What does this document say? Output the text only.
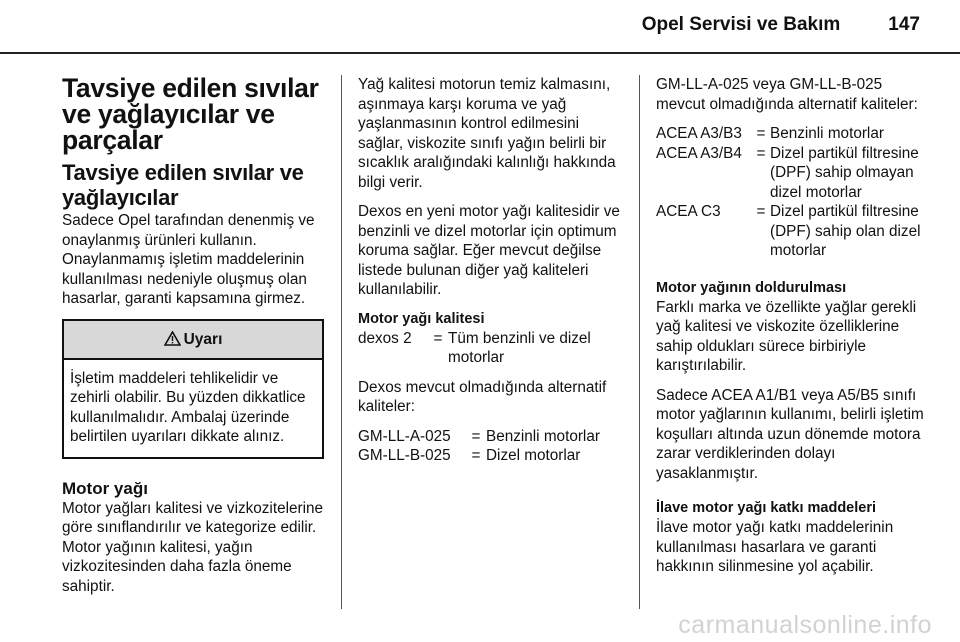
Opel Servisi ve Bakım	147
Tavsiye edilen sıvılar ve yağlayıcılar ve parçalar
Tavsiye edilen sıvılar ve yağlayıcılar

Sadece Opel tarafından denenmiş ve onaylanmış ürünleri kullanın. Onaylanmamış işletim maddelerinin kullanılması nedeniyle oluşmuş olan hasarlar, garanti kapsamına girmez.

Uyarı
İşletim maddeleri tehlikelidir ve zehirli olabilir. Bu yüzden dikkatlice kullanılmalıdır. Ambalaj üzerinde belirtilen uyarıları dikkate alınız.
Motor yağı

Motor yağları kalitesi ve vizkozitelerine göre sınıflandırılır ve kategorize edilir. Motor yağının kalitesi, yağın vizkozitesinden daha fazla öneme sahiptir.

Yağ kalitesi motorun temiz kalmasını, aşınmaya karşı koruma ve yağ yaşlanmasının kontrol edilmesini sağlar, viskozite sınıfı yağın belirli bir sıcaklık aralığındaki kalınlığı hakkında bilgi verir.

Dexos en yeni motor yağı kalitesidir ve benzinli ve dizel motorlar için optimum koruma sağlar. Eğer mevcut değilse listede bulunan diğer yağ kaliteleri kullanılabilir.

Motor yağı kalitesi
dexos 2	= Tüm benzinli ve dizel motorlar

Dexos mevcut olmadığında alternatif kaliteler:

GM-LL-A-025	= Benzinli motorlar
GM-LL-B-025	= Dizel motorlar

GM-LL-A-025 veya GM-LL-B-025 mevcut olmadığında alternatif kaliteler:

ACEA A3/B3 = Benzinli motorlar
ACEA A3/B4 = Dizel partikül filtresine (DPF) sahip olmayan dizel motorlar
ACEA C3	= Dizel partikül filtresine (DPF) sahip olan dizel motorlar
Motor yağının doldurulması

Farklı marka ve özellikte yağlar gerekli yağ kalitesi ve viskozite özelliklerine sahip oldukları sürece birbiriyle karıştırılabilir.

Sadece ACEA A1/B1 veya A5/B5 sınıfı motor yağlarının kullanımı, belirli işletim koşulları altında uzun dönemde motora zarar verdiklerinden dolayı yasaklanmıştır.

İlave motor yağı katkı maddeleri

İlave motor yağı katkı maddelerinin kullanılması hasarlara ve garanti hakkının silinmesine yol açabilir.

carmanualsonline.info
